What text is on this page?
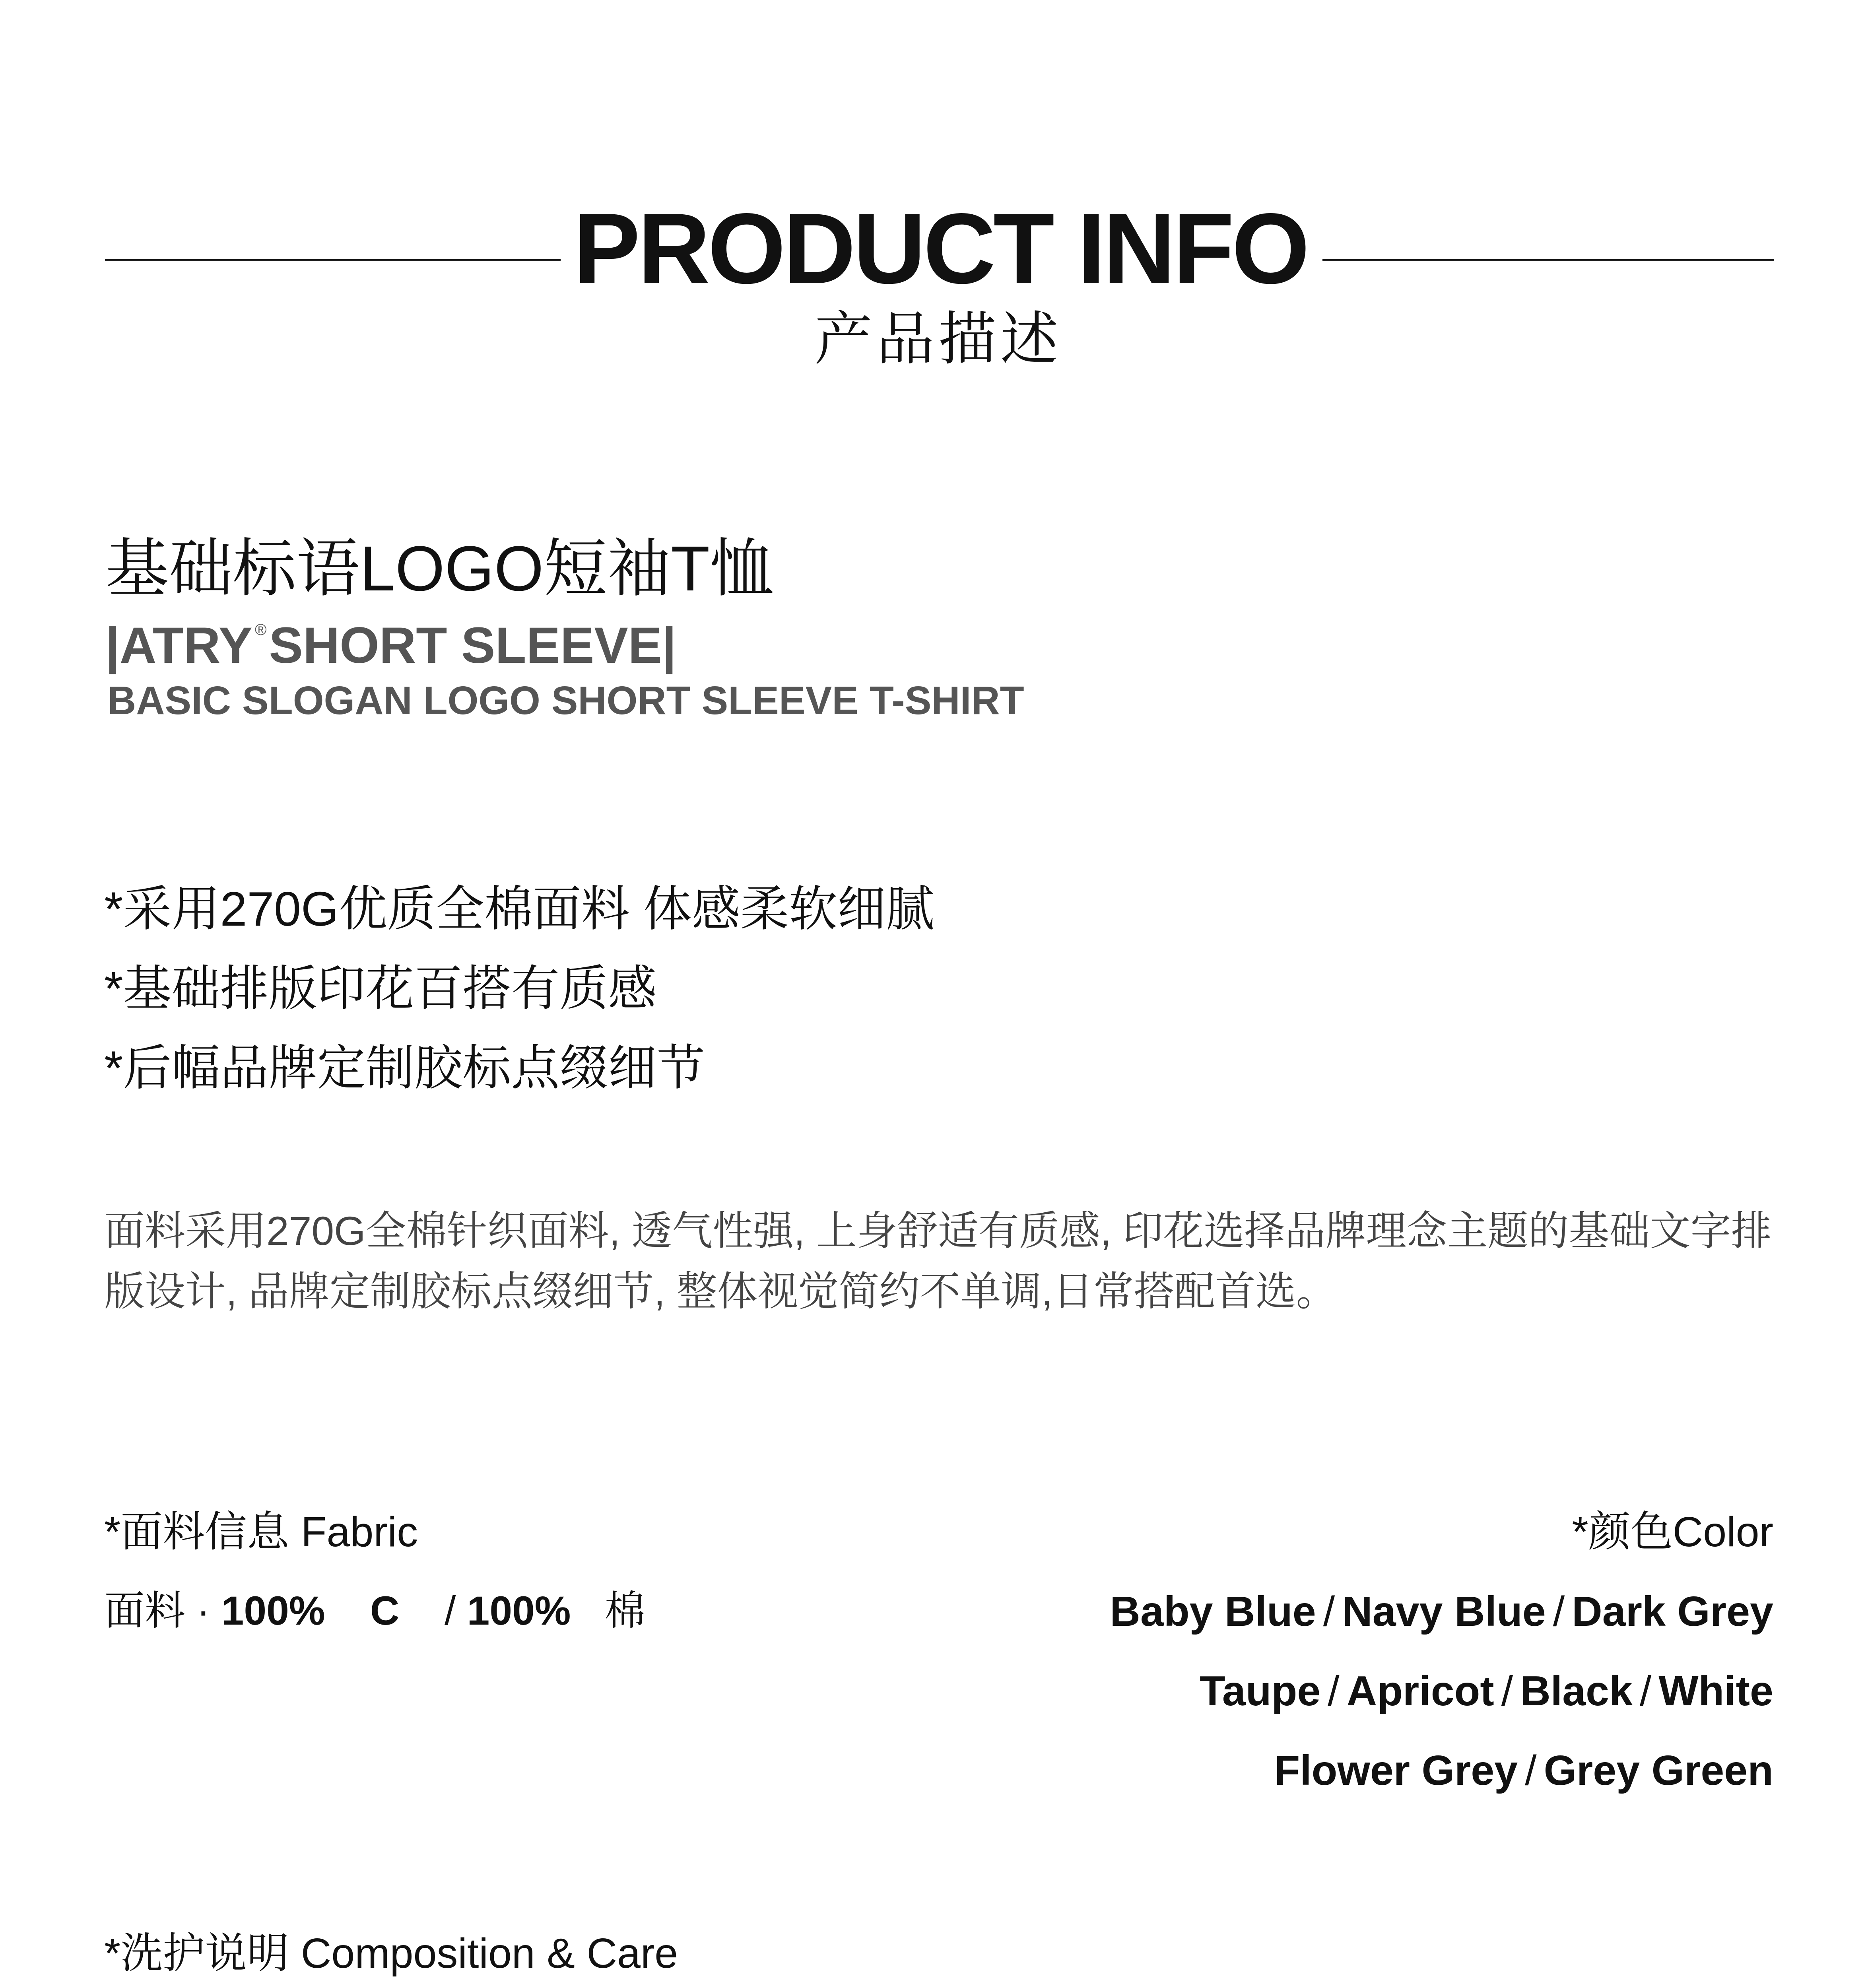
PRODUCT INFO
产品描述
基础标语LOGO短袖T恤
|ATRY ®SHORT SLEEVE|
BASIC SLOGAN LOGO SHORT SLEEVE T-SHIRT
*采用270G优质全棉面料 体感柔软细腻
*基础排版印花百搭有质感
*后幅品牌定制胶标点缀细节
面料采用270G全棉针织面料, 透气性强, 上身舒适有质感, 印花选择品牌理念主题的基础文字排版设计, 品牌定制胶标点缀细节, 整体视觉简约不单调,日常搭配首选。
*面料信息 Fabric
面料 · 100% C / 100% 棉
*颜色Color
Baby Blue / Navy Blue / Dark Grey
Taupe / Apricot / Black / White
Flower Grey / Grey Green
*洗护说明 Composition & Care
